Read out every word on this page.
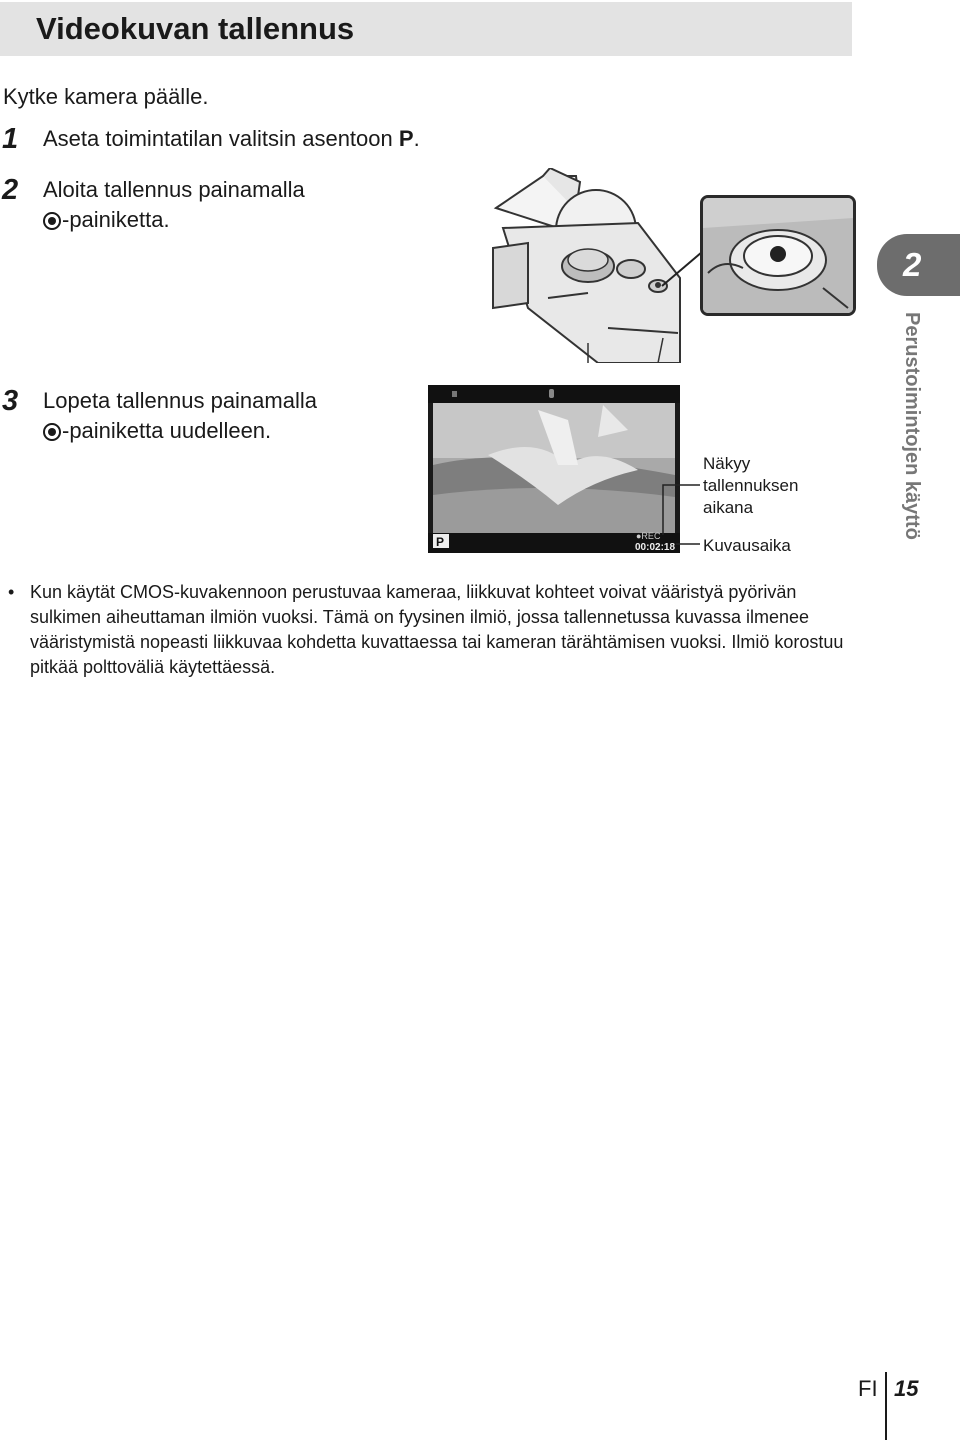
Videokuvan tallennus
Kytke kamera päälle.
1 Aseta toimintatilan valitsin asentoon P.
2 Aloita tallennus painamalla
-painiketta.
3 Lopeta tallennus painamalla
-painiketta uudelleen.
P	●REC
00:02:18
Näkyy
tallennuksen
aikana
Kuvausaika
• Kun käytät CMOS-kuvakennoon perustuvaa kameraa, liikkuvat kohteet voivat vääristyä pyörivän sulkimen aiheuttaman ilmiön vuoksi. Tämä on fyysinen ilmiö, jossa tallennetussa kuvassa ilmenee vääristymistä nopeasti liikkuvaa kohdetta kuvattaessa tai kameran tärähtämisen vuoksi. Ilmiö korostuu pitkää polttoväliä käytettäessä.
2
Perustoimintojen käyttö
FI 15
